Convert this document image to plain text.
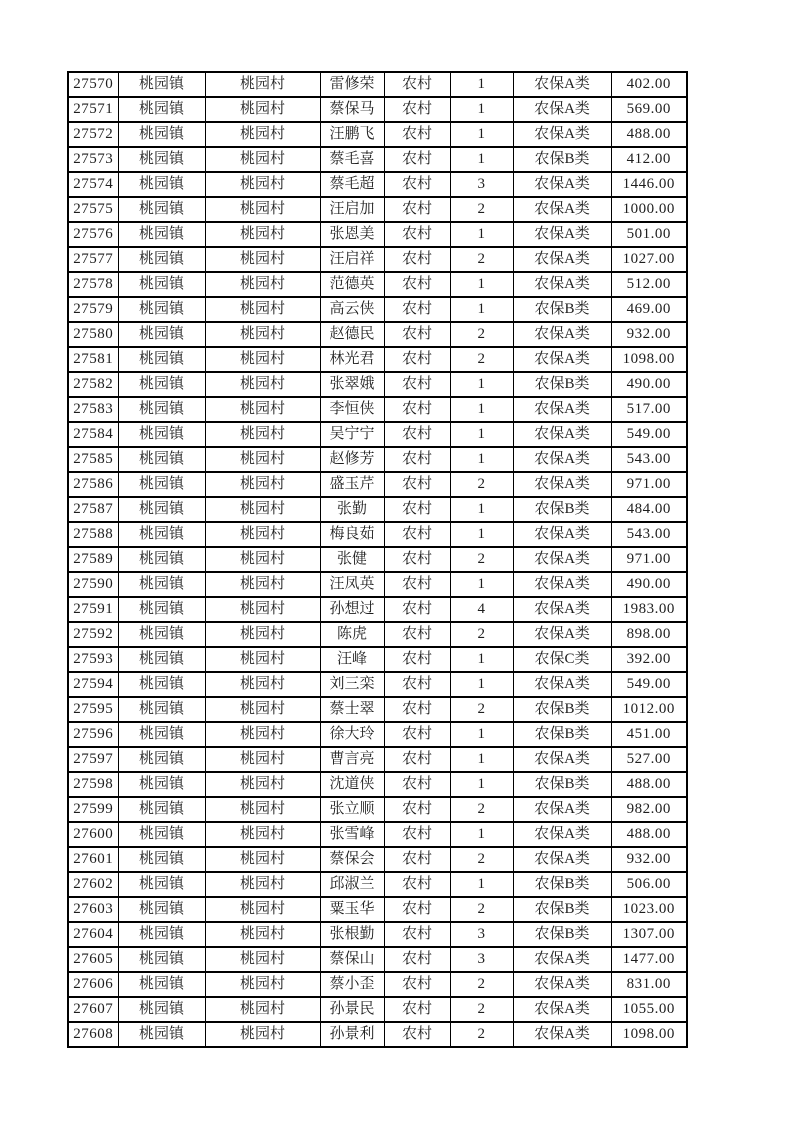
27570	桃园镇	桃园村	雷修荣	农村	1	农保A类	402.00
27571	桃园镇	桃园村	蔡保马	农村	1	农保A类	569.00
27572	桃园镇	桃园村	汪鹏飞	农村	1	农保A类	488.00
27573	桃园镇	桃园村	蔡毛喜	农村	1	农保B类	412.00
27574	桃园镇	桃园村	蔡毛超	农村	3	农保A类	1446.00
27575	桃园镇	桃园村	汪启加	农村	2	农保A类	1000.00
27576	桃园镇	桃园村	张恩美	农村	1	农保A类	501.00
27577	桃园镇	桃园村	汪启祥	农村	2	农保A类	1027.00
27578	桃园镇	桃园村	范德英	农村	1	农保A类	512.00
27579	桃园镇	桃园村	高云侠	农村	1	农保B类	469.00
27580	桃园镇	桃园村	赵德民	农村	2	农保A类	932.00
27581	桃园镇	桃园村	林光君	农村	2	农保A类	1098.00
27582	桃园镇	桃园村	张翠娥	农村	1	农保B类	490.00
27583	桃园镇	桃园村	李恒侠	农村	1	农保A类	517.00
27584	桃园镇	桃园村	吴宁宁	农村	1	农保A类	549.00
27585	桃园镇	桃园村	赵修芳	农村	1	农保A类	543.00
27586	桃园镇	桃园村	盛玉芹	农村	2	农保A类	971.00
27587	桃园镇	桃园村	张勤	农村	1	农保B类	484.00
27588	桃园镇	桃园村	梅良茹	农村	1	农保A类	543.00
27589	桃园镇	桃园村	张健	农村	2	农保A类	971.00
27590	桃园镇	桃园村	汪凤英	农村	1	农保A类	490.00
27591	桃园镇	桃园村	孙想过	农村	4	农保A类	1983.00
27592	桃园镇	桃园村	陈虎	农村	2	农保A类	898.00
27593	桃园镇	桃园村	汪峰	农村	1	农保C类	392.00
27594	桃园镇	桃园村	刘三栾	农村	1	农保A类	549.00
27595	桃园镇	桃园村	蔡士翠	农村	2	农保B类	1012.00
27596	桃园镇	桃园村	徐大玲	农村	1	农保B类	451.00
27597	桃园镇	桃园村	曹言亮	农村	1	农保A类	527.00
27598	桃园镇	桃园村	沈道侠	农村	1	农保B类	488.00
27599	桃园镇	桃园村	张立顺	农村	2	农保A类	982.00
27600	桃园镇	桃园村	张雪峰	农村	1	农保A类	488.00
27601	桃园镇	桃园村	蔡保会	农村	2	农保A类	932.00
27602	桃园镇	桃园村	邱淑兰	农村	1	农保B类	506.00
27603	桃园镇	桃园村	粟玉华	农村	2	农保B类	1023.00
27604	桃园镇	桃园村	张根勤	农村	3	农保B类	1307.00
27605	桃园镇	桃园村	蔡保山	农村	3	农保A类	1477.00
27606	桃园镇	桃园村	蔡小歪	农村	2	农保A类	831.00
27607	桃园镇	桃园村	孙景民	农村	2	农保A类	1055.00
27608	桃园镇	桃园村	孙景利	农村	2	农保A类	1098.00
